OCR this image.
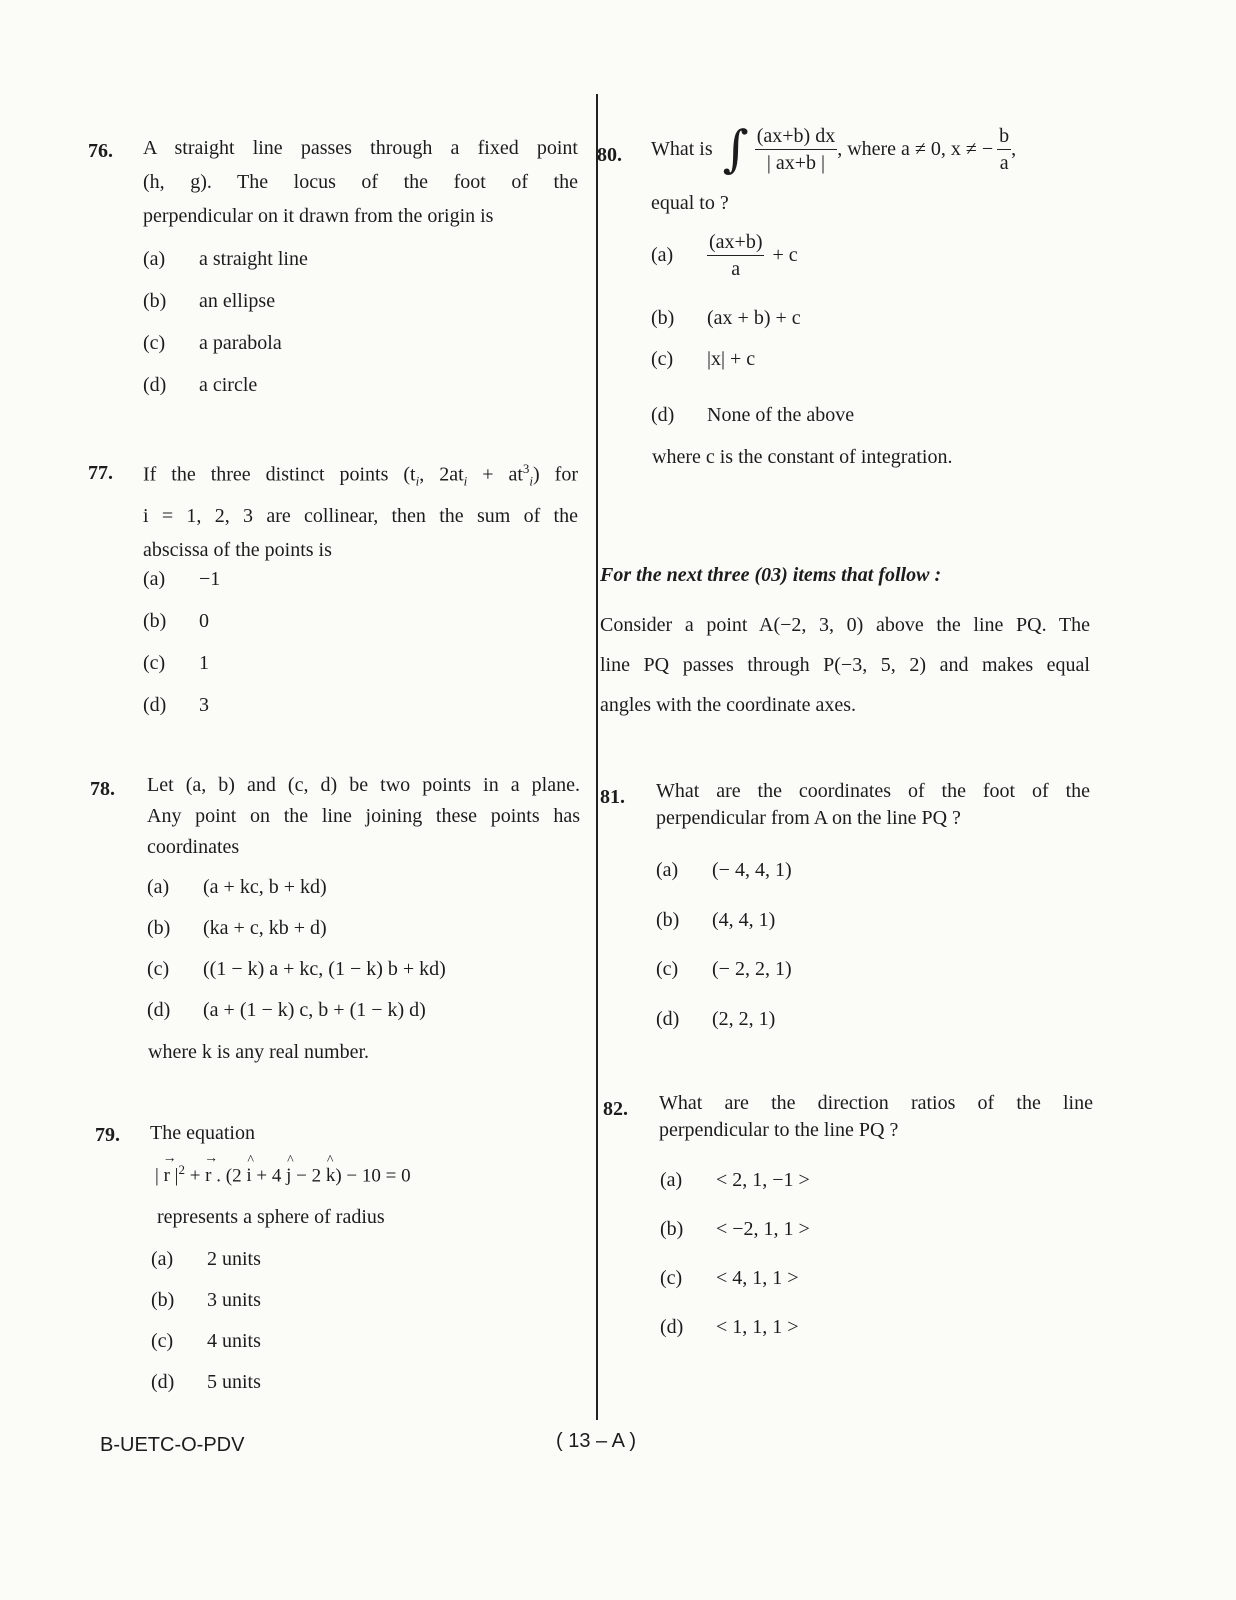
76. A straight line passes through a fixed point
(h, g). The locus of the foot of the
perpendicular on it drawn from the origin is
(a) a straight line
(b) an ellipse
(c) a parabola
(d) a circle
77. If the three distinct points ($t_i$, $2at_i + at^3_i$) for
i = 1, 2, 3 are collinear, then the sum of the
abscissa of the points is
(a) −1
(b) 0
(c) 1
(d) 3
78. Let (a, b) and (c, d) be two points in a plane.
Any point on the line joining these points has
coordinates
(a) (a + kc, b + kd)
(b) (ka + c, kb + d)
(c) ((1 − k) a + kc, (1 − k) b + kd)
(d) (a + (1 − k) c, b + (1 − k) d)
where k is any real number.
79. The equation
| → r $|^2$ + → r . (2 ^ i + 4 ^ j − 2 ^ k) − 10 = 0
represents a sphere of radius
(a) 2 units
(b) 3 units
(c) 4 units
(d) 5 units
80. What is ∫ $\frac{(ax+b) dx}{| ax+b |}$ , where a ≠ 0, x ≠ − $\frac{b}{a}$ ,
equal to ?
(a)	$\frac{(ax+b)}{a} + c$
(b) (ax + b) + c
(c) |x| + c
(d) None of the above
where c is the constant of integration.
For the next three (03) items that follow :
Consider a point A(−2, 3, 0) above the line PQ. The
line PQ passes through P(−3, 5, 2) and makes equal
angles with the coordinate axes.
81. What are the coordinates of the foot of the
perpendicular from A on the line PQ ?
(a) (− 4, 4, 1)
(b) (4, 4, 1)
(c) (− 2, 2, 1)
(d) (2, 2, 1)
82. What are the direction ratios of the line
perpendicular to the line PQ ?
(a) < 2, 1, −1 >
(b) < −2, 1, 1 >
(c) < 4, 1, 1 >
(d) < 1, 1, 1 >
B-UETC-O-PDV	( 13 – A )
